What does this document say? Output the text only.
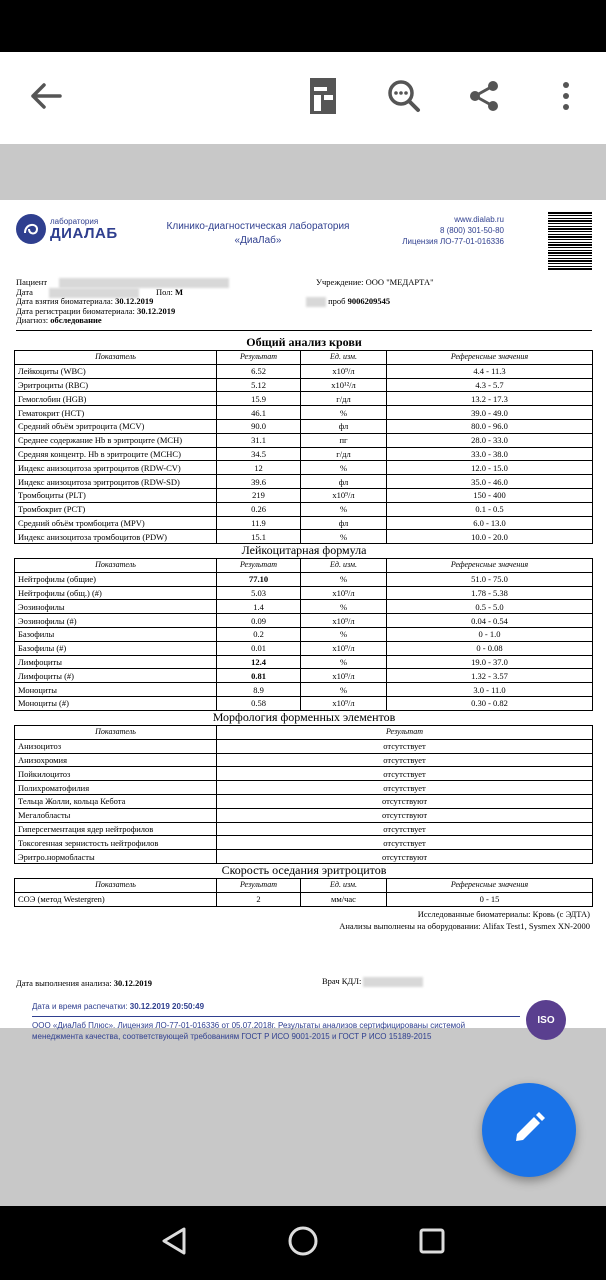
лаборатория
ДИАЛАБ	Клинико-диагностическая лаборатория
«ДиаЛаб»
www.dialab.ru
8 (800) 301-50-80
Лицензия ЛО-77-01-016336
Пациент	Учреждение: ООО "МЕДАРТА"
Дата	Пол: М
Дата взятия биоматериала: 30.12.2019	проб 9006209545
Дата регистрации биоматериала: 30.12.2019
Диагноз: обследование
Общий анализ крови
Показатель	Результат	Ед. изм.	Референсные значения
Лейкоциты (WBC)	6.52	x10⁹/л	4.4 - 11.3
Эритроциты (RBC)	5.12	x10¹²/л	4.3 - 5.7
Гемоглобин (HGB)	15.9	г/дл	13.2 - 17.3
Гематокрит (HCT)	46.1	%	39.0 - 49.0
Средний объём эритроцита (MCV)	90.0	фл	80.0 - 96.0
Среднее содержание Hb в эритроците (MCH)	31.1	пг	28.0 - 33.0
Средняя концентр. Hb в эритроците (MCHC)	34.5	г/дл	33.0 - 38.0
Индекс анизоцитоза эритроцитов (RDW-CV)	12	%	12.0 - 15.0
Индекс анизоцитоза эритроцитов (RDW-SD)	39.6	фл	35.0 - 46.0
Тромбоциты (PLT)	219	x10⁹/л	150 - 400
Тромбокрит (PCT)	0.26	%	0.1 - 0.5
Средний объём тромбоцита (MPV)	11.9	фл	6.0 - 13.0
Индекс анизоцитоза тромбоцитов (PDW)	15.1	%	10.0 - 20.0
Лейкоцитарная формула
Показатель	Результат	Ед. изм.	Референсные значения
Нейтрофилы (общие)	77.10	%	51.0 - 75.0
Нейтрофилы (общ.) (#)	5.03	x10⁹/л	1.78 - 5.38
Эозинофилы	1.4	%	0.5 - 5.0
Эозинофилы (#)	0.09	x10⁹/л	0.04 - 0.54
Базофилы	0.2	%	0 - 1.0
Базофилы (#)	0.01	x10⁹/л	0 - 0.08
Лимфоциты	12.4	%	19.0 - 37.0
Лимфоциты (#)	0.81	x10⁹/л	1.32 - 3.57
Моноциты	8.9	%	3.0 - 11.0
Моноциты (#)	0.58	x10⁹/л	0.30 - 0.82
Морфология форменных элементов
Показатель	Результат
Анизоцитоз	отсутствует
Анизохромия	отсутствует
Пойкилоцитоз	отсутствует
Полихроматофилия	отсутствует
Тельца Жолли, кольца Кебота	отсутствуют
Мегалобласты	отсутствуют
Гиперсегментация ядер нейтрофилов	отсутствует
Токсогенная зернистость нейтрофилов	отсутствует
Эритро.нормобласты	отсутствуют
Скорость оседания эритроцитов
Показатель	Результат	Ед. изм.	Референсные значения
СОЭ (метод Westergren)	2	мм/час	0 - 15
Исследованные биоматериалы: Кровь (с ЭДТА)
Анализы выполнены на оборудовании: Alifax Test1, Sysmex XN-2000
Дата выполнения анализа: 30.12.2019	Врач КДЛ:
Дата и время распечатки: 30.12.2019 20:50:49
ООО «ДиаЛаб Плюс». Лицензия ЛО-77-01-016336 от 05.07.2018г. Результаты анализов сертифицированы системой менеджмента качества, соответствующей требованиям ГОСТ Р ИСО 9001-2015 и ГОСТ Р ИСО 15189-2015
ISO
